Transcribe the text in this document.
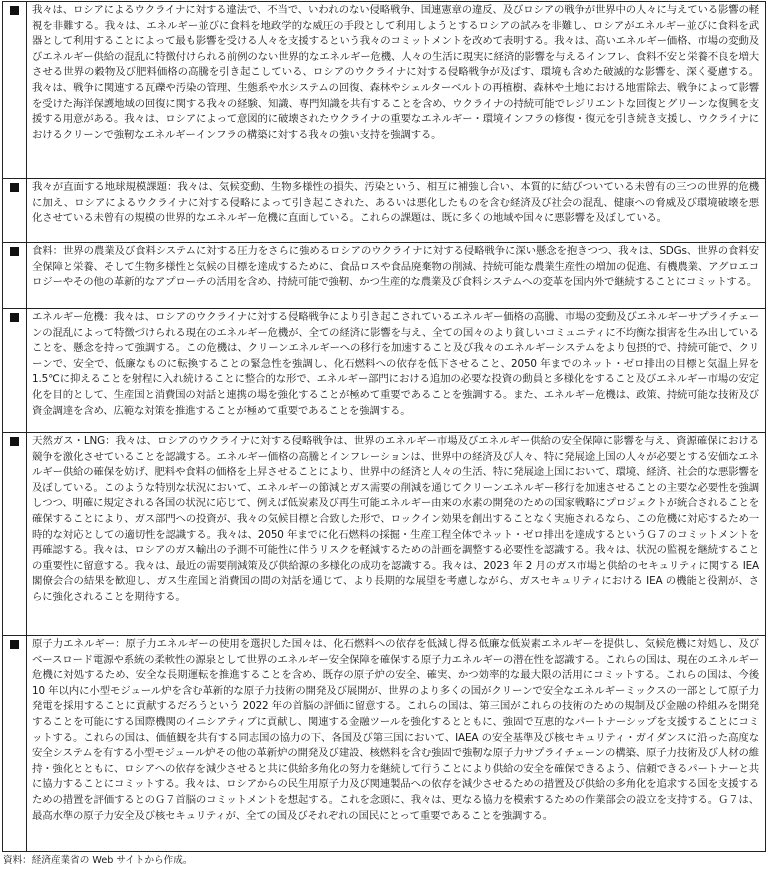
我々は、ロシアによるウクライナに対する違法で、不当で、いわれのない侵略戦争、国連憲章の違反、及びロシアの戦争が世界中の人々に与えている影響の軽視を非難する。我々は、エネルギー並びに食料を地政学的な威圧の手段として利用しようとするロシアの試みを非難し、ロシアがエネルギー並びに食料を武器として利用することによって最も影響を受ける人々を支援するという我々のコミットメントを改めて表明する。我々は、高いエネルギー価格、市場の変動及びエネルギー供給の混乱に特徴付けられる前例のない世界的なエネルギー危機、人々の生活に現実に経済的影響を与えるインフレ、食料不安と栄養不良を増大させる世界の穀物及び肥料価格の高騰を引き起こしている、ロシアのウクライナに対する侵略戦争が及ぼす、環境も含めた破滅的な影響を、深く憂慮する。我々は、戦争に関連する瓦礫や汚染の管理、生態系や水システムの回復、森林やシェルターベルトの再植樹、森林や土地における地雷除去、戦争によって影響を受けた海洋保護地域の回復に関する我々の経験、知識、専門知識を共有することを含め、ウクライナの持続可能でレジリエントな回復とグリーンな復興を支援する用意がある。我々は、ロシアによって意図的に破壊されたウクライナの重要なエネルギー・環境インフラの修復・復元を引き続き支援し、ウクライナにおけるクリーンで強靭なエネルギーインフラの構築に対する我々の強い支持を強調する。
我々が直面する地球規模課題：我々は、気候変動、生物多様性の損失、汚染という、相互に補強し合い、本質的に結びついている未曾有の三つの世界的危機に加え、ロシアによるウクライナに対する侵略によって引き起こされた、あるいは悪化したものを含む経済及び社会の混乱、健康への脅威及び環境破壊を悪化させている未曾有の規模の世界的なエネルギー危機に直面している。これらの課題は、既に多くの地域や国々に悪影響を及ぼしている。
食料：世界の農業及び食料システムに対する圧力をさらに強めるロシアのウクライナに対する侵略戦争に深い懸念を抱きつつ、我々は、SDGs、世界の食料安全保障と栄養、そして生物多様性と気候の目標を達成するために、食品ロスや食品廃棄物の削減、持続可能な農業生産性の増加の促進、有機農業、アグロエコロジーやその他の革新的なアプローチの活用を含め、持続可能で強靭、かつ生産的な農業及び食料システムへの変革を国内外で継続することにコミットする。
エネルギー危機：我々は、ロシアのウクライナに対する侵略戦争により引き起こされているエネルギー価格の高騰、市場の変動及びエネルギーサプライチェーンの混乱によって特徴づけられる現在のエネルギー危機が、全ての経済に影響を与え、全ての国々のより貧しいコミュニティに不均衡な損害を生み出していることを、懸念を持って強調する。この危機は、クリーンエネルギーへの移行を加速すること及び我々のエネルギーシステムをより包摂的で、持続可能で、クリーンで、安全で、低廉なものに転換することの緊急性を強調し、化石燃料への依存を低下させること、2050 年までのネット・ゼロ排出の目標と気温上昇を 1.5℃に抑えることを射程に入れ続けることに整合的な形で、エネルギー部門における追加の必要な投資の動員と多様化をすること及びエネルギー市場の安定化を目的として、生産国と消費国の対話と連携の場を強化することが極めて重要であることを強調する。また、エネルギー危機は、政策、持続可能な技術及び資金調達を含め、広範な対策を推進することが極めて重要であることを強調する。
天然ガス・LNG：我々は、ロシアのウクライナに対する侵略戦争は、世界のエネルギー市場及びエネルギー供給の安全保障に影響を与え、資源確保における競争を激化させていることを認識する。エネルギー価格の高騰とインフレーションは、世界中の経済及び人々、特に発展途上国の人々が必要とする安価なエネルギー供給の確保を妨げ、肥料や食料の価格を上昇させることにより、世界中の経済と人々の生活、特に発展途上国において、環境、経済、社会的な悪影響を及ぼしている。このような特別な状況において、エネルギーの節減とガス需要の削減を通じてクリーンエネルギー移行を加速させることの主要な必要性を強調しつつ、明確に規定される各国の状況に応じて、例えば低炭素及び再生可能エネルギー由来の水素の開発のための国家戦略にプロジェクトが統合されることを確保することにより、ガス部門への投資が、我々の気候目標と合致した形で、ロックイン効果を創出することなく実施されるなら、この危機に対応するため一時的な対応としての適切性を認識する。我々は、2050 年までに化石燃料の採掘・生産工程全体でネット・ゼロ排出を達成するというＧ７のコミットメントを再確認する。我々は、ロシアのガス輸出の予測不可能性に伴うリスクを軽減するための計画を調整する必要性を認識する。我々は、状況の監視を継続することの重要性に留意する。我々は、最近の需要削減策及び供給源の多様化の成功を認識する。我々は、2023 年 2 月のガス市場と供給のセキュリティに関する IEA 閣僚会合の結果を歓迎し、ガス生産国と消費国の間の対話を通じて、より長期的な展望を考慮しながら、ガスセキュリティにおける IEA の機能と役割が、さらに強化されることを期待する。
原子力エネルギー：原子力エネルギーの使用を選択した国々は、化石燃料への依存を低減し得る低廉な低炭素エネルギーを提供し、気候危機に対処し、及びベースロード電源や系統の柔軟性の源泉として世界のエネルギー安全保障を確保する原子力エネルギーの潜在性を認識する。これらの国は、現在のエネルギー危機に対処するため、安全な長期運転を推進することを含め、既存の原子炉の安全、確実、かつ効率的な最大限の活用にコミットする。これらの国は、今後 10 年以内に小型モジュール炉を含む革新的な原子力技術の開発及び展開が、世界のより多くの国がクリーンで安全なエネルギーミックスの一部として原子力発電を採用することに貢献するだろうという 2022 年の首脳の評価に留意する。これらの国は、第三国がこれらの技術のための規制及び金融の枠組みを開発することを可能にする国際機関のイニシアティブに貢献し、関連する金融ツールを強化するとともに、強固で互恵的なパートナーシップを支援することにコミットする。これらの国は、価値観を共有する同志国の協力の下、各国及び第三国において、IAEA の安全基準及び核セキュリティ・ガイダンスに沿った高度な安全システムを有する小型モジュール炉その他の革新炉の開発及び建設、核燃料を含む強固で強靭な原子力サプライチェーンの構築、原子力技術及び人材の維持・強化とともに、ロシアへの依存を減少させると共に供給多角化の努力を継続して行うことにより供給の安全を確保できるよう、信頼できるパートナーと共に協力することにコミットする。我々は、ロシアからの民生用原子力及び関連製品への依存を減少させるための措置及び供給の多角化を追求する国を支援するための措置を評価するとのＧ７首脳のコミットメントを想起する。これを念頭に、我々は、更なる協力を模索するための作業部会の設立を支持する。Ｇ７は、最高水準の原子力安全及び核セキュリティが、全ての国及びそれぞれの国民にとって重要であることを強調する。
資料：経済産業省の Web サイトから作成。
